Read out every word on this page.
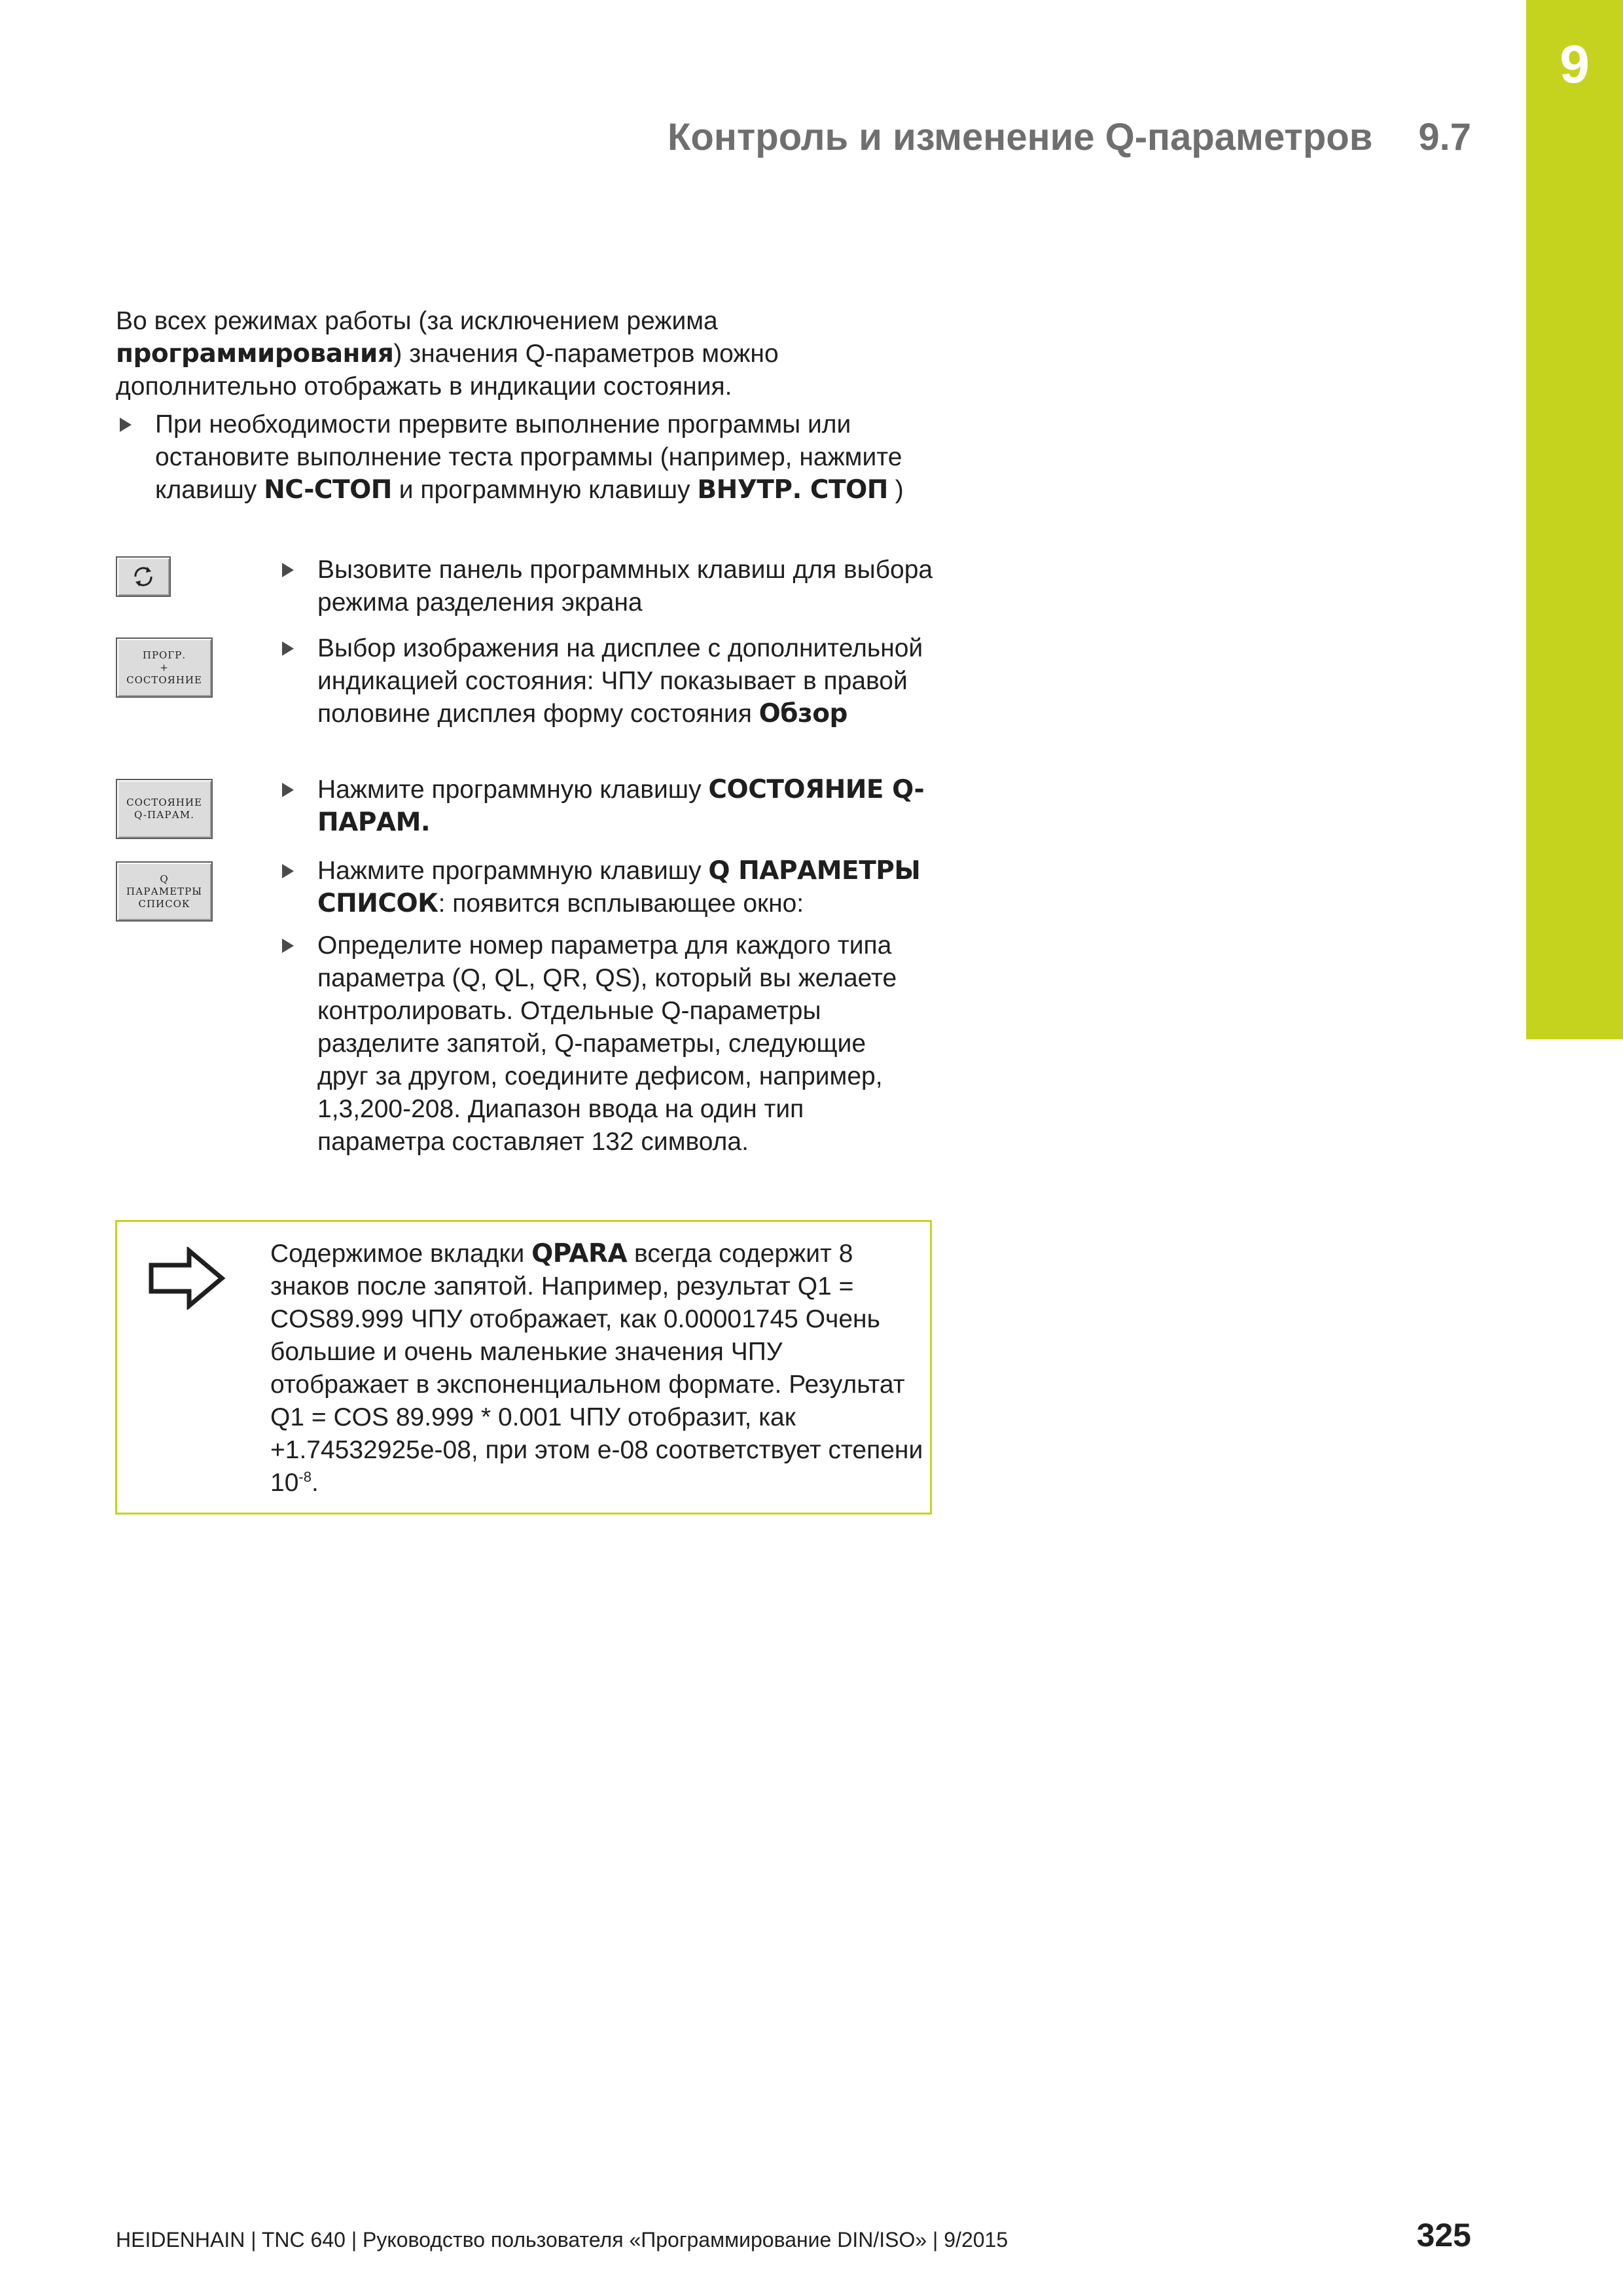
9
Контроль и изменение Q-параметров 9.7

Во всех режимах работы (за исключением режима программирования) значения Q-параметров можно дополнительно отображать в индикации состояния.

При необходимости прервите выполнение программы или остановите выполнение теста программы (например, нажмите клавишу NC-СТОП и программную клавишу ВНУТР. СТОП )
Вызовите панель программных клавиш для выбора режима разделения экрана
ПРОГР.
+
СОСТОЯНИЕ
Выбор изображения на дисплее с дополнительной индикацией состояния: ЧПУ показывает в правой половине дисплея форму состояния Обзор
СОСТОЯНИЕ
Q-ПАРАМ.
Нажмите программную клавишу СОСТОЯНИЕ Q-ПАРАМ.
Q
ПАРАМЕТРЫ
СПИСОК
Нажмите программную клавишу Q ПАРАМЕТРЫ СПИСОК: появится всплывающее окно:
Определите номер параметра для каждого типа параметра (Q, QL, QR, QS), который вы желаете контролировать. Отдельные Q-параметры разделите запятой, Q-параметры, следующие друг за другом, соедините дефисом, например, 1,3,200-208. Диапазон ввода на один тип параметра составляет 132 символа.
Содержимое вкладки QPARA всегда содержит 8 знаков после запятой. Например, результат Q1 = COS89.999 ЧПУ отображает, как 0.00001745 Очень большие и очень маленькие значения ЧПУ отображает в экспоненциальном формате. Результат Q1 = COS 89.999 * 0.001 ЧПУ отобразит, как +1.74532925e-08, при этом e-08 соответствует степени $10^{-8}$.
HEIDENHAIN | TNC 640 | Руководство пользователя «Программирование DIN/ISO» | 9/2015	325
